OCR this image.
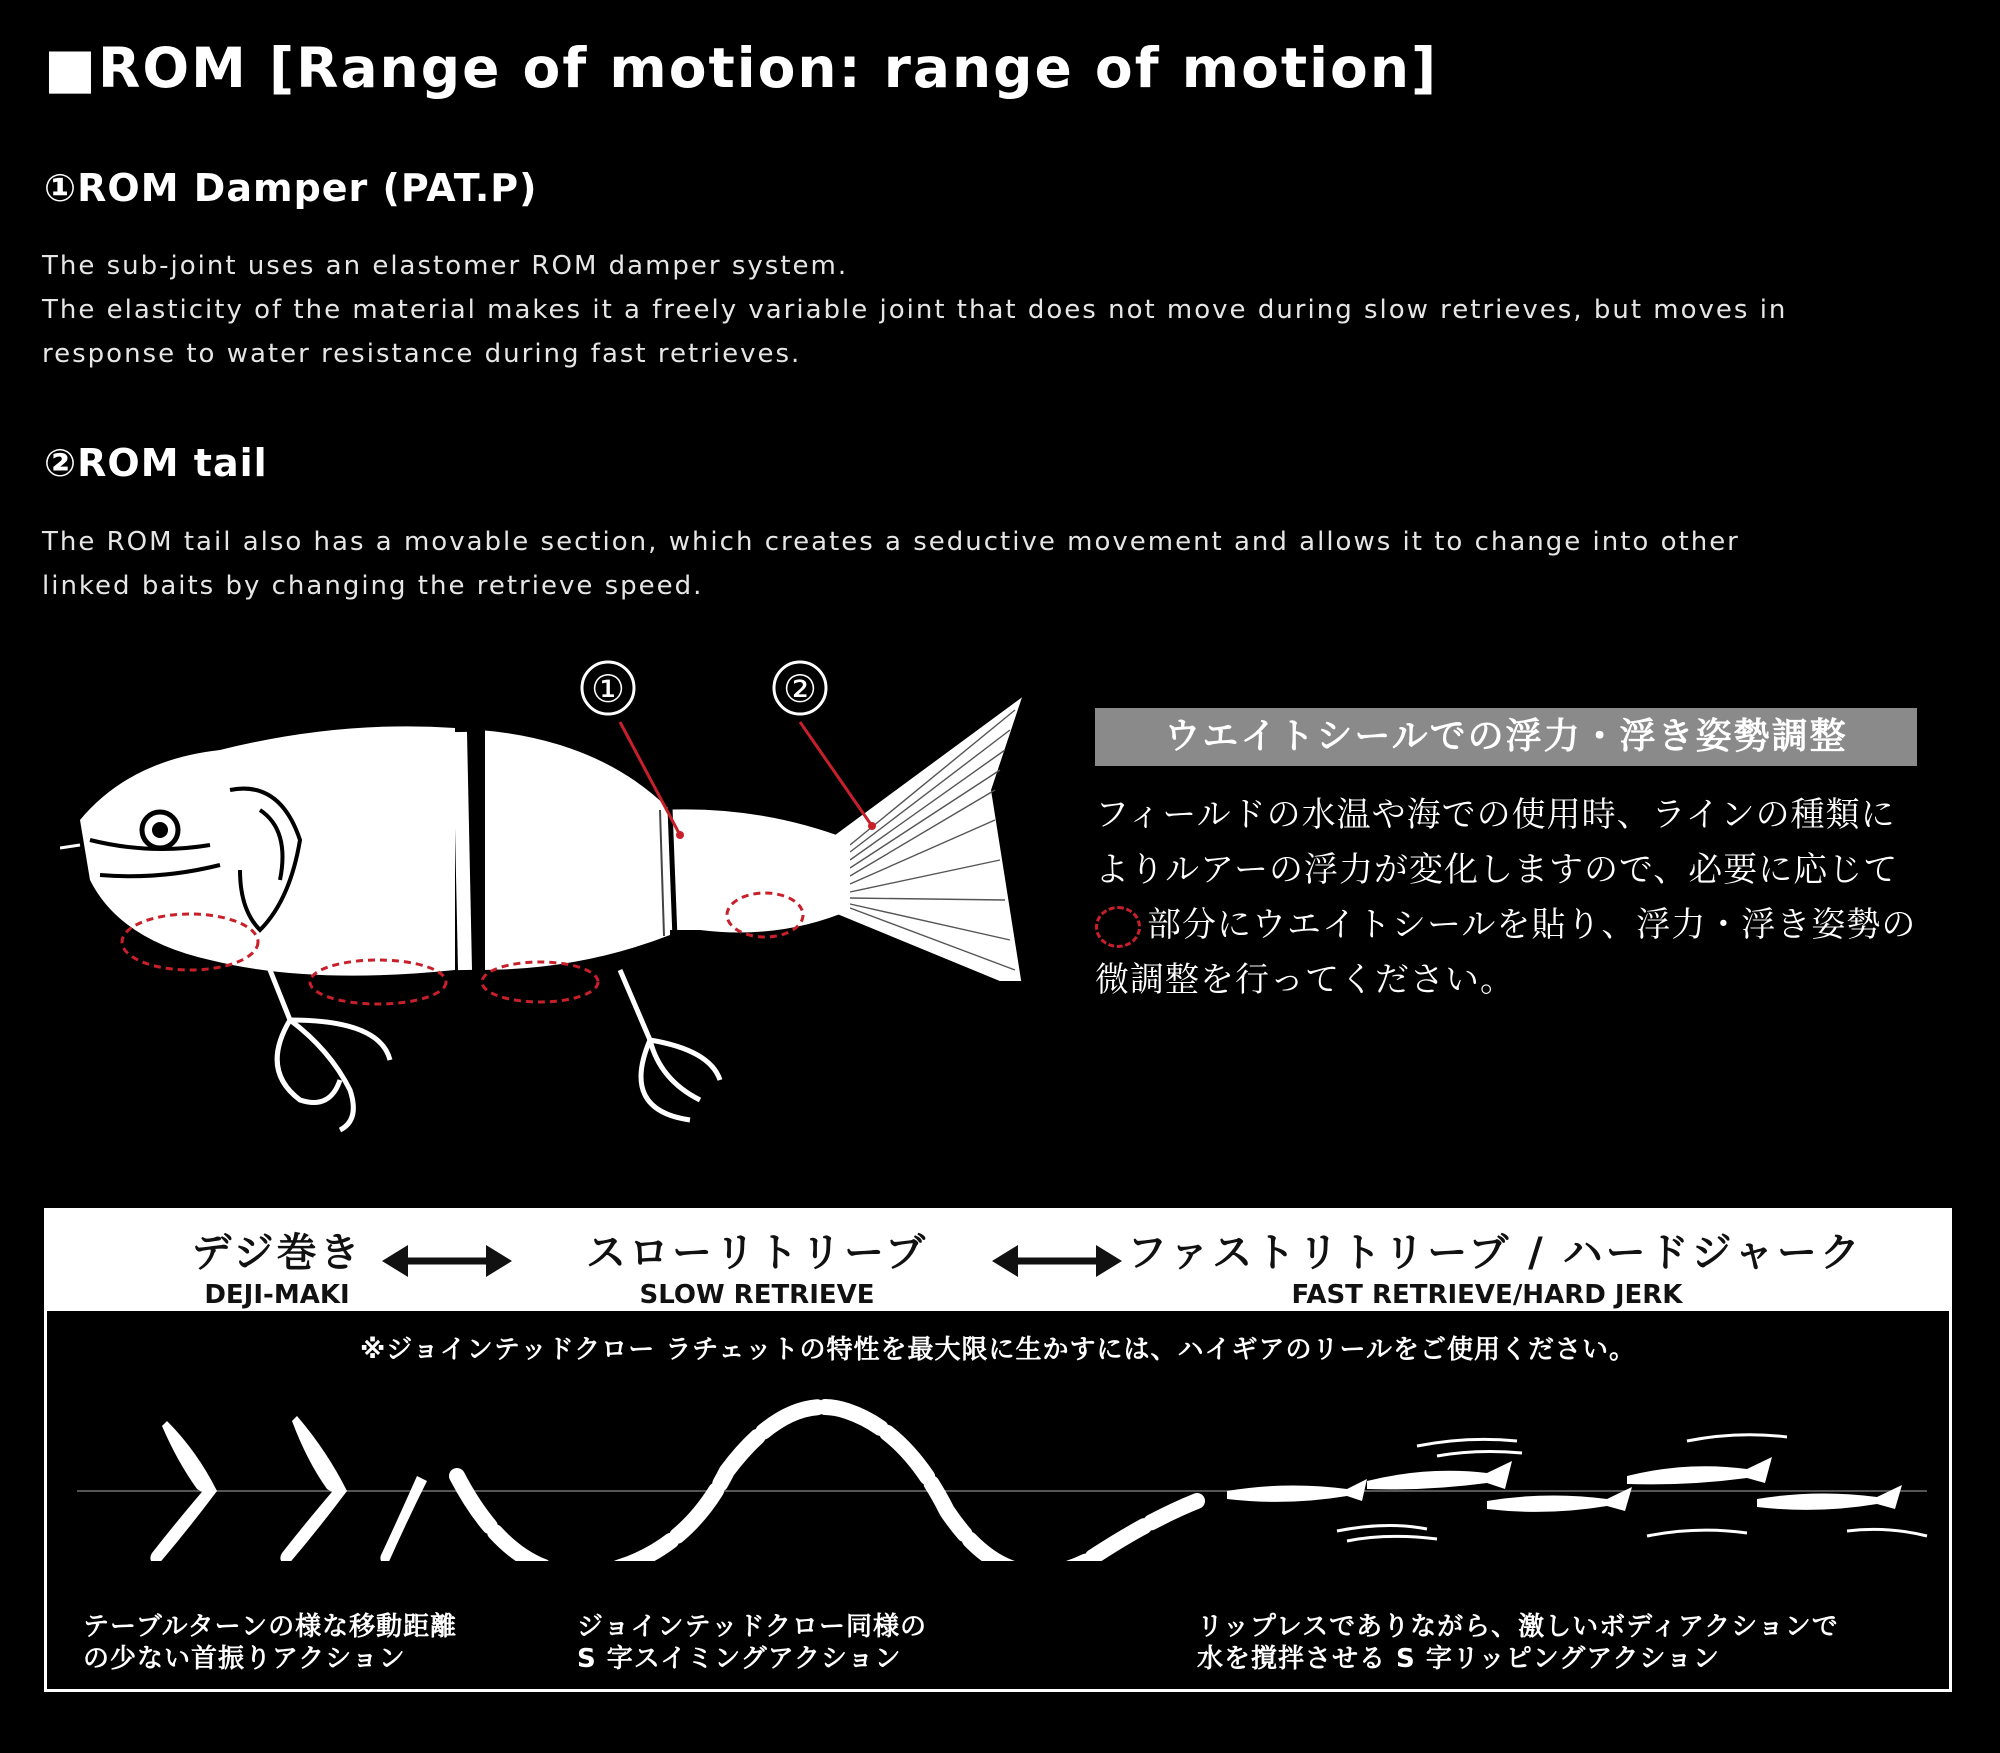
■ROM [Range of motion: range of motion]
①ROM Damper (PAT.P)
The sub-joint uses an elastomer ROM damper system.
The elasticity of the material makes it a freely variable joint that does not move during slow retrieves, but moves in
response to water resistance during fast retrieves.
②ROM tail
The ROM tail also has a movable section, which creates a seductive movement and allows it to change into other
linked baits by changing the retrieve speed.
①	②
ウエイトシールでの浮力・浮き姿勢調整
フィールドの水温や海での使用時、ラインの種類に
よりルアーの浮力が変化しますので、必要に応じて
部分にウエイトシールを貼り、浮力・浮き姿勢の
微調整を行ってください。
デジ巻き
DEJI-MAKI
スローリトリーブ
SLOW RETRIEVE
ファストリトリーブ / ハードジャーク
FAST RETRIEVE/HARD JERK
※ジョインテッドクロー ラチェットの特性を最大限に生かすには、ハイギアのリールをご使用ください。
テーブルターンの様な移動距離
の少ない首振りアクション
ジョインテッドクロー同様の
S 字スイミングアクション
リップレスでありながら、激しいボディアクションで
水を撹拌させる S 字リッピングアクション
